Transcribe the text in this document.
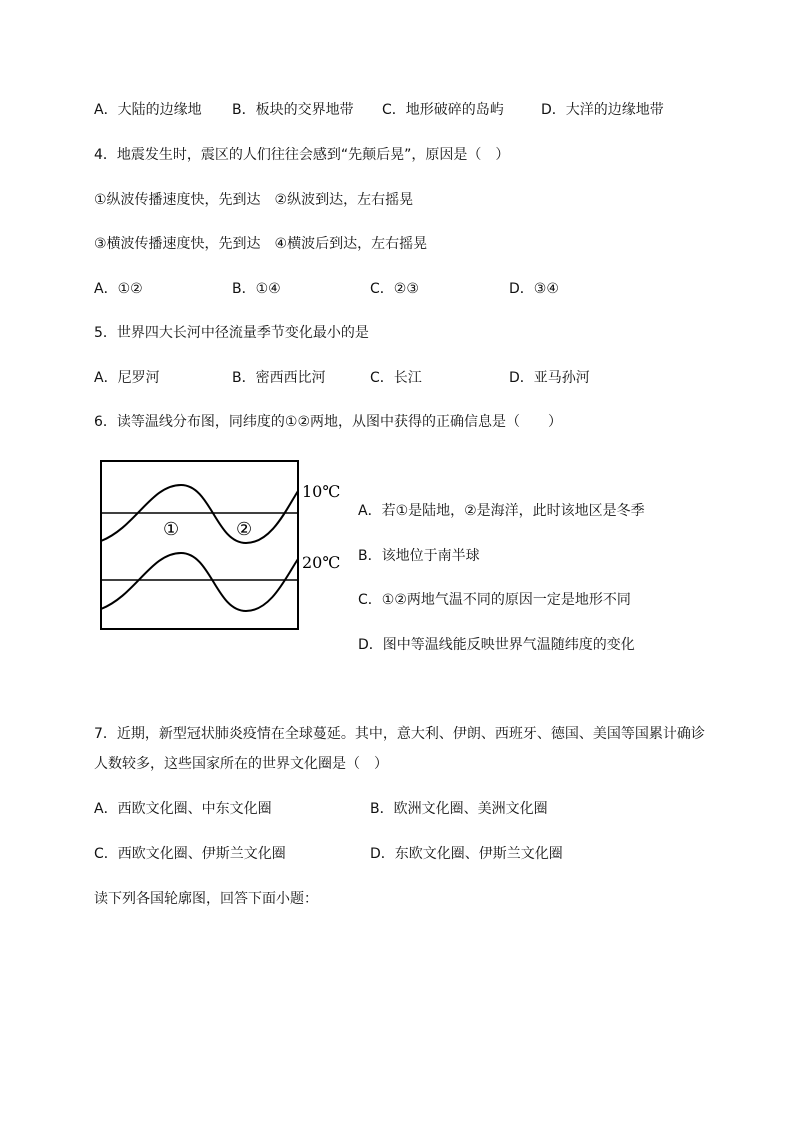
A．大陆的边缘地 B．板块的交界地带 C．地形破碎的岛屿	D．大洋的边缘地带
4．地震发生时，震区的人们往往会感到“先颠后晃”，原因是（　）
①纵波传播速度快，先到达　②纵波到达，左右摇晃
③横波传播速度快，先到达　④横波后到达，左右摇晃
A．①②	B．①④	C．②③	D．③④
5．世界四大长河中径流量季节变化最小的是
A．尼罗河	B．密西西比河	C．长江	D．亚马孙河
6．读等温线分布图，同纬度的①②两地，从图中获得的正确信息是（　　）
10℃
20℃
①	②
A．若①是陆地，②是海洋，此时该地区是冬季
B．该地位于南半球
C．①②两地气温不同的原因一定是地形不同
D．图中等温线能反映世界气温随纬度的变化
7．近期，新型冠状肺炎疫情在全球蔓延。其中，意大利、伊朗、西班牙、德国、美国等国累计确诊
人数较多，这些国家所在的世界文化圈是（　）
A．西欧文化圈、中东文化圈	B．欧洲文化圈、美洲文化圈
C．西欧文化圈、伊斯兰文化圈	D．东欧文化圈、伊斯兰文化圈
读下列各国轮廓图，回答下面小题：
